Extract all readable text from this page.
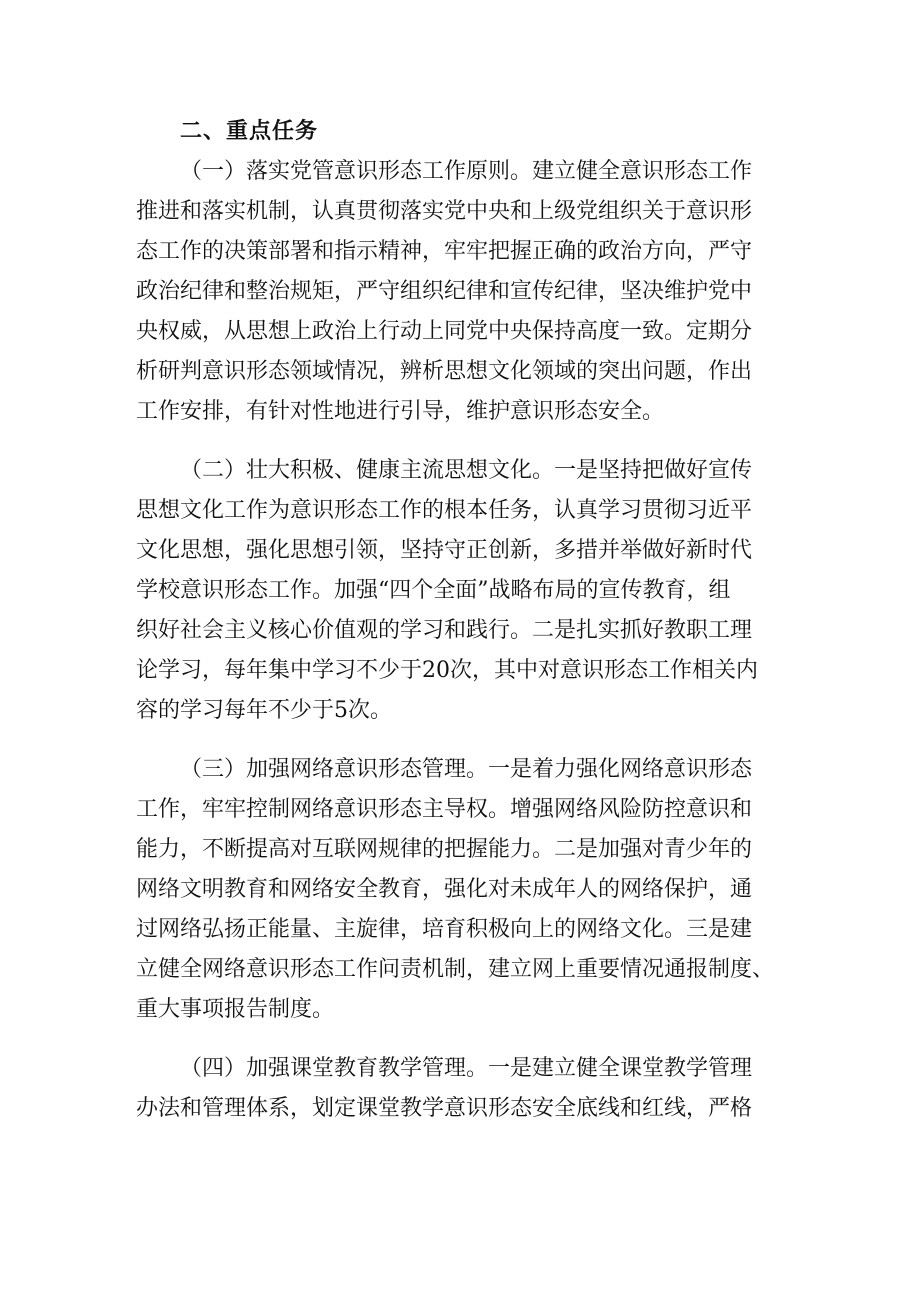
二、重点任务
（一）落实党管意识形态工作原则。建立健全意识形态工作
推进和落实机制，认真贯彻落实党中央和上级党组织关于意识形
态工作的决策部署和指示精神，牢牢把握正确的政治方向，严守
政治纪律和整治规矩，严守组织纪律和宣传纪律，坚决维护党中
央权威，从思想上政治上行动上同党中央保持高度一致。定期分
析研判意识形态领域情况，辨析思想文化领域的突出问题，作出
工作安排，有针对性地进行引导，维护意识形态安全。
（二）壮大积极、健康主流思想文化。一是坚持把做好宣传
思想文化工作为意识形态工作的根本任务，认真学习贯彻习近平
文化思想，强化思想引领，坚持守正创新，多措并举做好新时代
学校意识形态工作。加强“四个全面”战略布局的宣传教育，组
织好社会主义核心价值观的学习和践行。二是扎实抓好教职工理
论学习，每年集中学习不少于20次，其中对意识形态工作相关内
容的学习每年不少于5次。
（三）加强网络意识形态管理。一是着力强化网络意识形态
工作，牢牢控制网络意识形态主导权。增强网络风险防控意识和
能力，不断提高对互联网规律的把握能力。二是加强对青少年的
网络文明教育和网络安全教育，强化对未成年人的网络保护，通
过网络弘扬正能量、主旋律，培育积极向上的网络文化。三是建
立健全网络意识形态工作问责机制，建立网上重要情况通报制度、
重大事项报告制度。
（四）加强课堂教育教学管理。一是建立健全课堂教学管理
办法和管理体系，划定课堂教学意识形态安全底线和红线，严格
